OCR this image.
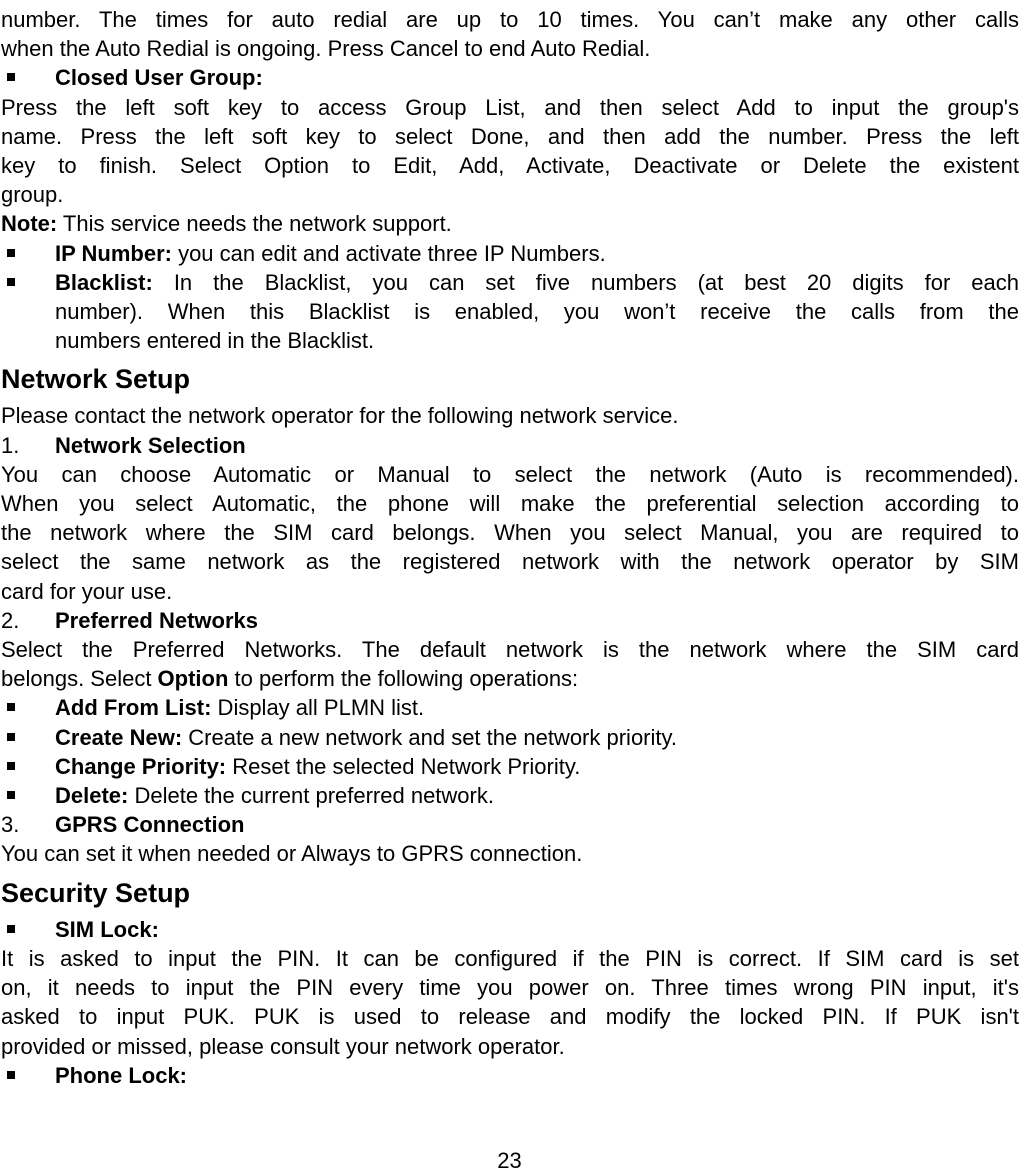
number. The times for auto redial are up to 10 times. You can’t make any other calls

when the Auto Redial is ongoing. Press Cancel to end Auto Redial.

Closed User Group:

Press the left soft key to access Group List, and then select Add to input the group's

name. Press the left soft key to select Done, and then add the number. Press the left

key to finish. Select Option to Edit, Add, Activate, Deactivate or Delete the existent

group.

Note: This service needs the network support.

IP Number: you can edit and activate three IP Numbers.
Blacklist: In the Blacklist, you can set five numbers (at best 20 digits for each
number). When this Blacklist is enabled, you won’t receive the calls from the
numbers entered in the Blacklist.
Network Setup

Please contact the network operator for the following network service.

1. Network Selection

You can choose Automatic or Manual to select the network (Auto is recommended).

When you select Automatic, the phone will make the preferential selection according to

the network where the SIM card belongs. When you select Manual, you are required to

select the same network as the registered network with the network operator by SIM

card for your use.

2. Preferred Networks

Select the Preferred Networks. The default network is the network where the SIM card

belongs. Select Option to perform the following operations:

Add From List: Display all PLMN list.
Create New: Create a new network and set the network priority.
Change Priority: Reset the selected Network Priority.
Delete: Delete the current preferred network.
3. GPRS Connection

You can set it when needed or Always to GPRS connection.

Security Setup
SIM Lock:

It is asked to input the PIN. It can be configured if the PIN is correct. If SIM card is set

on, it needs to input the PIN every time you power on. Three times wrong PIN input, it's

asked to input PUK. PUK is used to release and modify the locked PIN. If PUK isn't

provided or missed, please consult your network operator.

Phone Lock:
23
